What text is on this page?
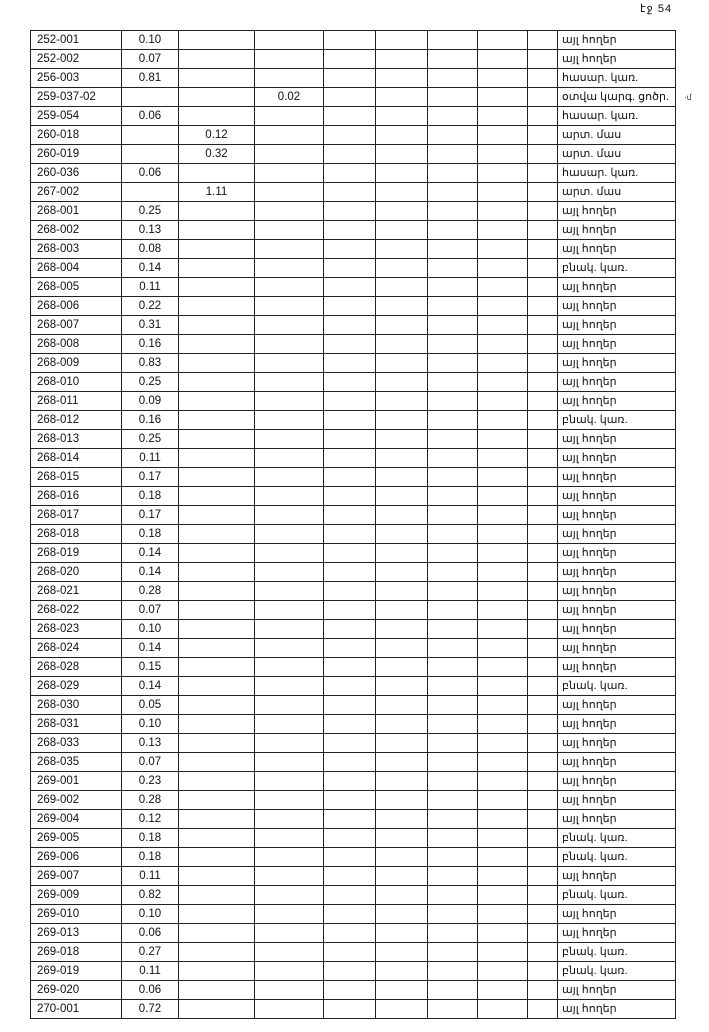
էջ 54
·մ
252-001	0.10								այլ հողեր
252-002	0.07								այլ հողեր
256-003	0.81								հասար. կառ.
259-037-02			0.02						օտվա կարգ. ցոծր.
259-054	0.06								հասար. կառ.
260-018		0.12							արտ. մաս
260-019		0.32							արտ. մաս
260-036	0.06								հասար. կառ.
267-002		1.11							արտ. մաս
268-001	0.25								այլ հողեր
268-002	0.13								այլ հողեր
268-003	0.08								այլ հողեր
268-004	0.14								բնակ. կառ.
268-005	0.11								այլ հողեր
268-006	0.22								այլ հողեր
268-007	0.31								այլ հողեր
268-008	0.16								այլ հողեր
268-009	0.83								այլ հողեր
268-010	0.25								այլ հողեր
268-011	0.09								այլ հողեր
268-012	0.16								բնակ. կառ.
268-013	0.25								այլ հողեր
268-014	0.11								այլ հողեր
268-015	0.17								այլ հողեր
268-016	0.18								այլ հողեր
268-017	0.17								այլ հողեր
268-018	0.18								այլ հողեր
268-019	0.14								այլ հողեր
268-020	0.14								այլ հողեր
268-021	0.28								այլ հողեր
268-022	0.07								այլ հողեր
268-023	0.10								այլ հողեր
268-024	0.14								այլ հողեր
268-028	0.15								այլ հողեր
268-029	0.14								բնակ. կառ.
268-030	0.05								այլ հողեր
268-031	0.10								այլ հողեր
268-033	0.13								այլ հողեր
268-035	0.07								այլ հողեր
269-001	0.23								այլ հողեր
269-002	0.28								այլ հողեր
269-004	0.12								այլ հողեր
269-005	0.18								բնակ. կառ.
269-006	0.18								բնակ. կառ.
269-007	0.11								այլ հողեր
269-009	0.82								բնակ. կառ.
269-010	0.10								այլ հողեր
269-013	0.06								այլ հողեր
269-018	0.27								բնակ. կառ.
269-019	0.11								բնակ. կառ.
269-020	0.06								այլ հողեր
270-001	0.72								այլ հողեր
